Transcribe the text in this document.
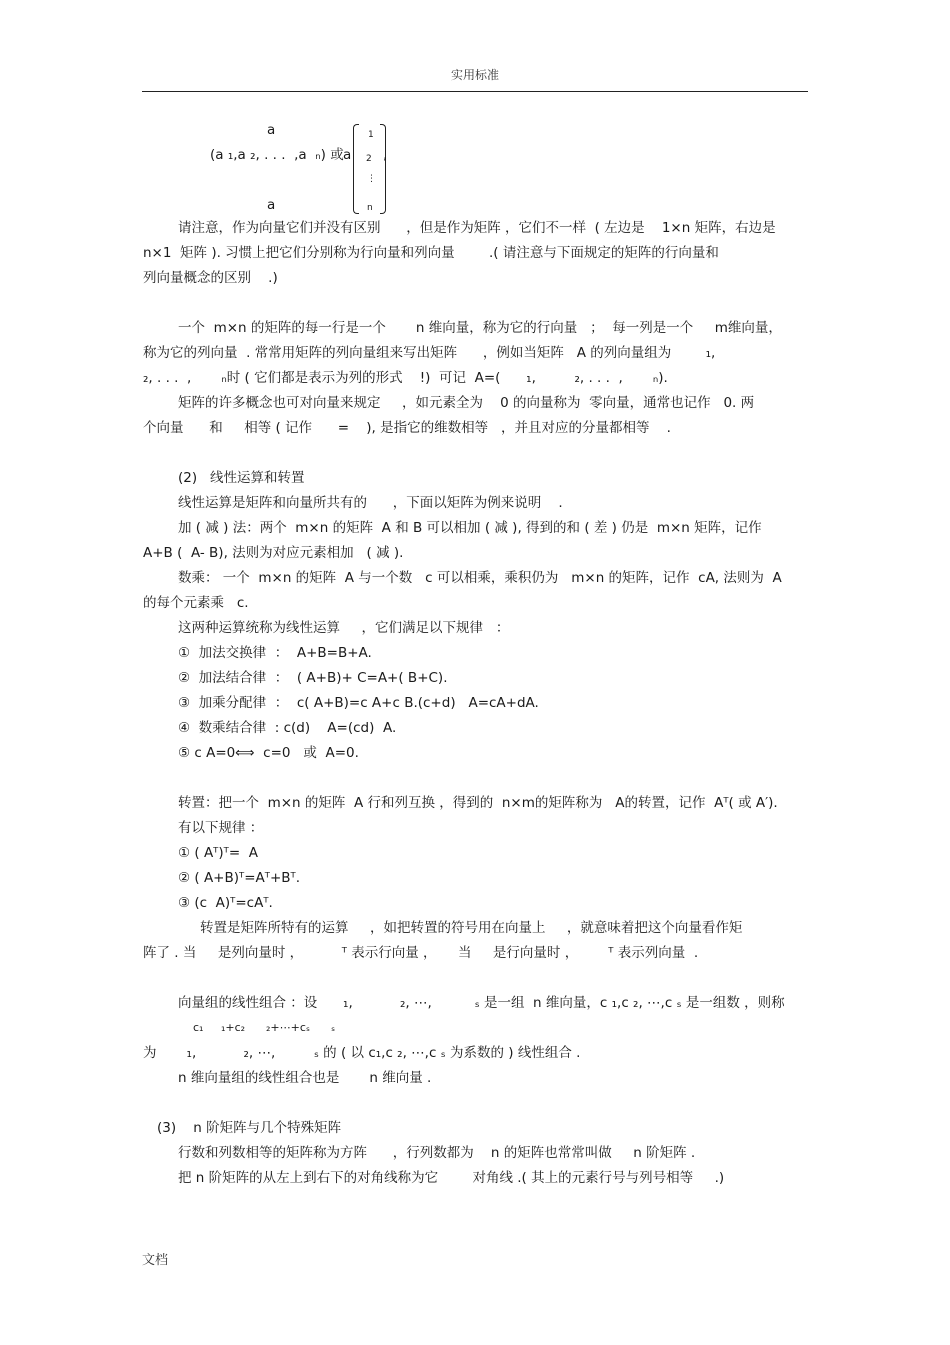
实用标准
a
(a ₁,a ₂, . . .  ,a  ₙ) 或 a
1
2
⋮
n
,
a
请注意，作为向量它们并没有区别      ，但是作为矩阵 ，它们不一样  ( 左边是    1×n 矩阵，右边是
n×1  矩阵 ). 习惯上把它们分别称为行向量和列向量        .( 请注意与下面规定的矩阵的行向量和
列向量概念的区别    .)
一个  m×n 的矩阵的每一行是一个       n 维向量，称为它的行向量   ；  每一列是一个     m维向量，
称为它的列向量  . 常常用矩阵的列向量组来写出矩阵      ，例如当矩阵   A 的列向量组为        ₁,
₂, . . .  ,       ₙ时 ( 它们都是表示为列的形式    !)  可记  A=(      ₁,         ₂, . . .  ,       ₙ).
矩阵的许多概念也可对向量来规定     ，如元素全为    0 的向量称为  零向量，通常也记作   0. 两
个向量      和     相等 ( 记作      =    ), 是指它的维数相等   ，并且对应的分量都相等    .
(2)   线性运算和转置
线性运算是矩阵和向量所共有的      ，下面以矩阵为例来说明    .
加 ( 减 ) 法：两个  m×n 的矩阵  A 和 B 可以相加 ( 减 ), 得到的和 ( 差 ) 仍是  m×n 矩阵，记作
A+B (  A- B), 法则为对应元素相加   ( 减 ).
数乘： 一个  m×n 的矩阵  A 与一个数   c 可以相乘，乘积仍为   m×n 的矩阵，记作  cA, 法则为  A
的每个元素乘   c.
这两种运算统称为线性运算     ，它们满足以下规律   ：
①  加法交换律  ：  A+B=B+A.
②  加法结合律  ：  ( A+B)+ C=A+( B+C).
③  加乘分配律  ：  c( A+B)=c A+c B.(c+d)   A=cA+dA.
④  数乘结合律  : c(d)    A=(cd)  A.
⑤ c A=0⟺  c=0   或  A=0.
转置：把一个  m×n 的矩阵  A 行和列互换 ，得到的  n×m的矩阵称为   A的转置，记作  Aᵀ( 或 A′).
有以下规律 ：
① ( Aᵀ)ᵀ=  A
② ( A+B)ᵀ=Aᵀ+Bᵀ.
③ (c  A)ᵀ=cAᵀ.
转置是矩阵所特有的运算     ，如把转置的符号用在向量上     ，就意味着把这个向量看作矩
阵了 . 当     是列向量时 ，         ᵀ 表示行向量 ，     当     是行向量时 ，       ᵀ 表示列向量  .
向量组的线性组合 ：设      ₁,           ₂, ⋯,          ₛ 是一组  n 维向量，c ₁,c ₂, ⋯,c ₛ 是一组数 ，则称
c₁     ₁+c₂      ₂+⋯+cₛ      ₛ
为       ₁,           ₂, ⋯,         ₛ 的 ( 以 c₁,c ₂, ⋯,c ₛ 为系数的 ) 线性组合 .
n 维向量组的线性组合也是       n 维向量 .
(3)    n 阶矩阵与几个特殊矩阵
行数和列数相等的矩阵称为方阵      ，行列数都为    n 的矩阵也常常叫做     n 阶矩阵 .
把 n 阶矩阵的从左上到右下的对角线称为它        对角线 .( 其上的元素行号与列号相等     .)
文档
